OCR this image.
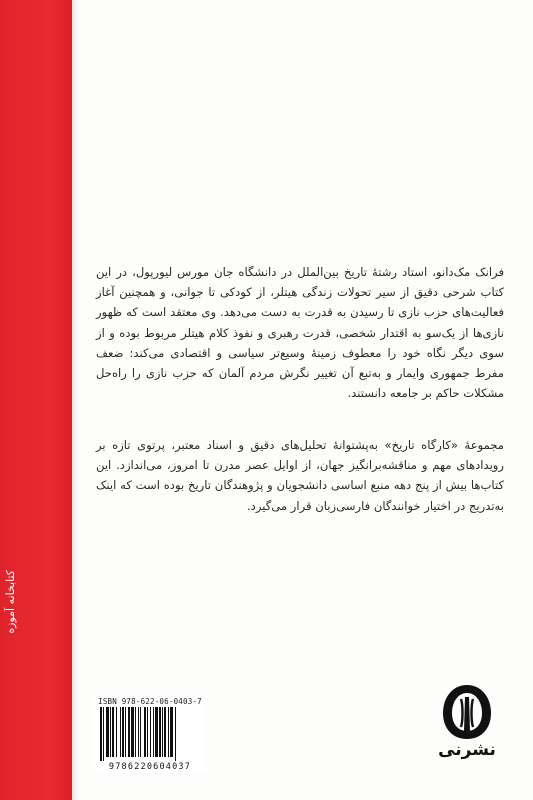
کتابخانه آموزه

فرانک مک‌دانو، استاد رشتهٔ تاریخ بین‌الملل در دانشگاه جان مورس لیورپول، در این کتاب شرحی دقیق از سیر تحولات زندگی هیتلر، از کودکی تا جوانی، و همچنین آغاز فعالیت‌های حزب نازی تا رسیدن به قدرت به دست می‌دهد. وی معتقد است که ظهور نازی‌ها از یک‌سو به اقتدار شخصی، قدرت رهبری و نفوذ کلام هیتلر مربوط بوده و از سوی دیگر نگاه خود را معطوف زمینهٔ وسیع‌تر سیاسی و اقتصادی می‌کند: ضعف مفرط جمهوری وایمار و به‌تبع آن تغییر نگرش مردم آلمان که حزب نازی را راه‌حل مشکلات حاکم بر جامعه دانستند.

مجموعهٔ «کارگاه تاریخ» به‌پشتوانهٔ تحلیل‌های دقیق و اسناد معتبر، پرتوی تازه بر رویدادهای مهم و مناقشه‌برانگیز جهان، از اوایل عصر مدرن تا امروز، می‌اندازد. این کتاب‌ها بیش از پنج دهه منبع اساسی دانشجویان و پژوهندگان تاریخ بوده است که اینک به‌تدریج در اختیار خوانندگان فارسی‌زبان قرار می‌گیرد.

ISBN 978-622-06-0403-7
9786220604037
نشرنی
